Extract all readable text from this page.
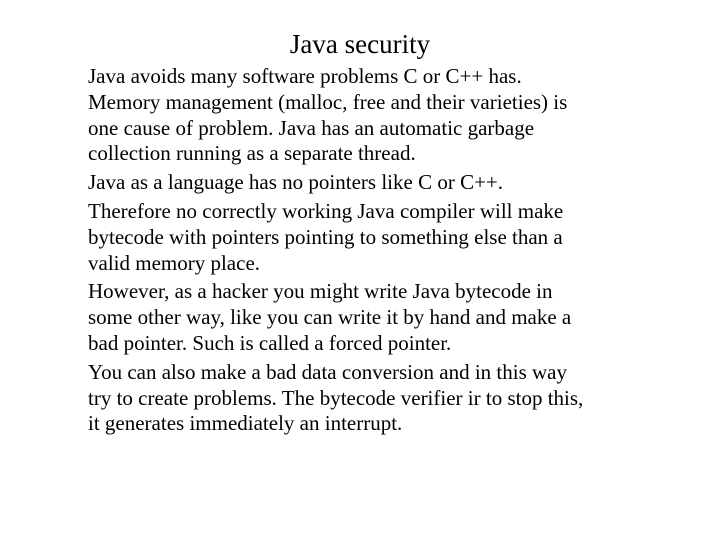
Java security
Java avoids many software problems C or C++ has.
Memory management (malloc, free and their varieties) is
one cause of problem. Java has an automatic garbage
collection running as a separate thread.
Java as a language has no pointers like C or C++.
Therefore no correctly working Java compiler will make
bytecode with pointers pointing to something else than a
valid memory place.
However, as a hacker you might write Java bytecode in
some other way, like you can write it by hand and make a
bad pointer. Such is called a forced pointer.
You can also make a bad data conversion and in this way
try to create problems. The bytecode verifier ir to stop this,
it generates immediately an interrupt.
